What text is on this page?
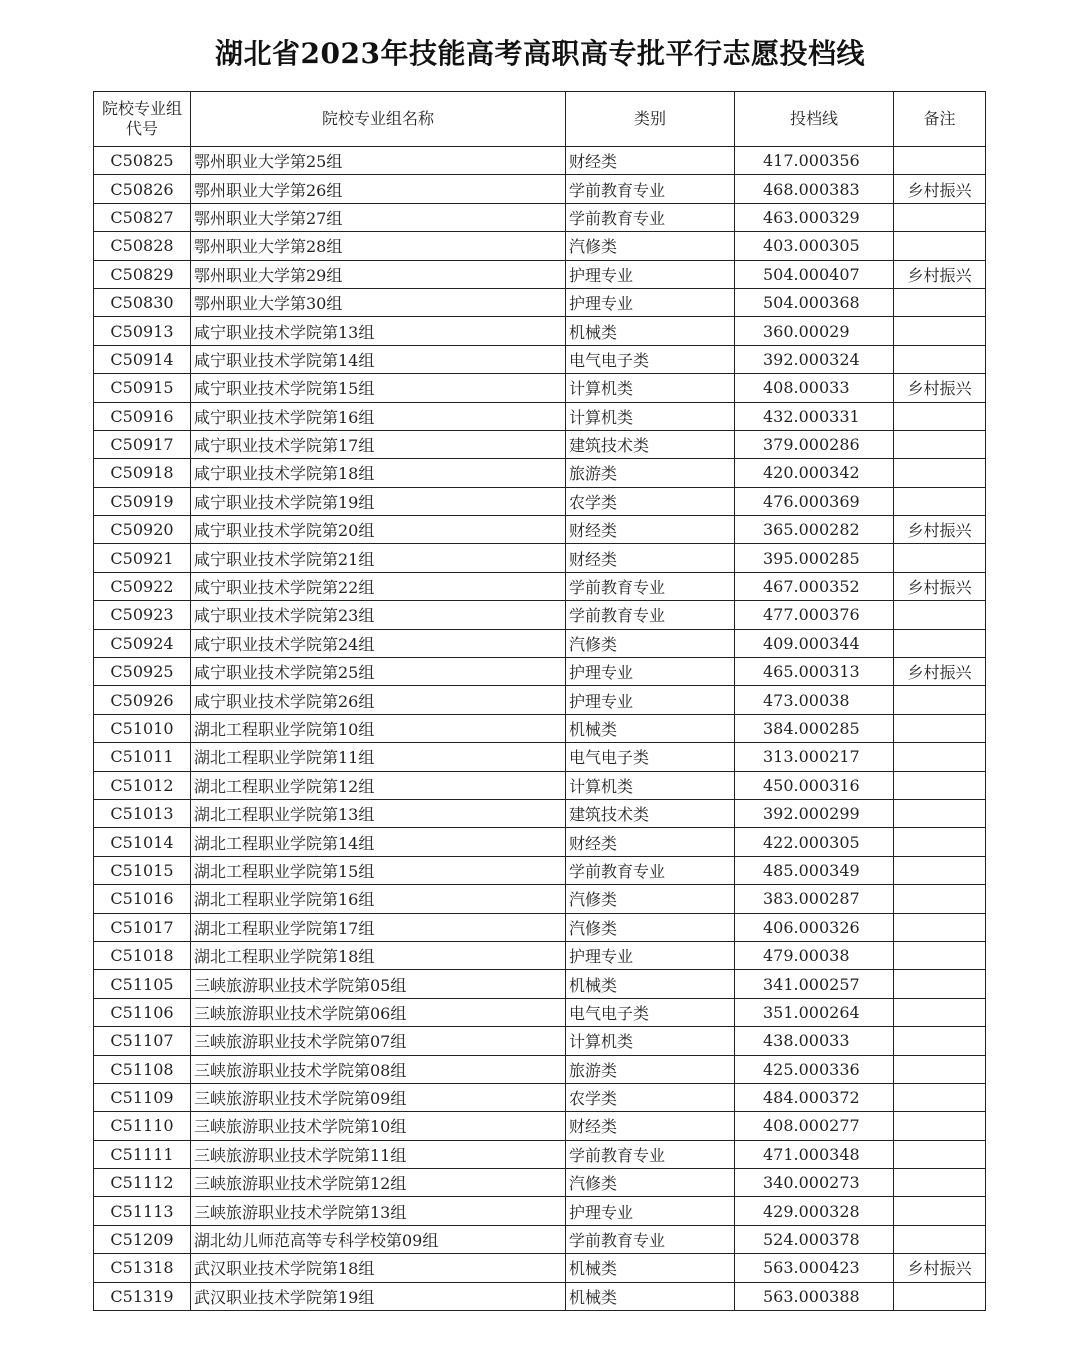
湖北省2023年技能高考高职高专批平行志愿投档线
院校专业组代号	院校专业组名称	类别	投档线	备注
C50825	鄂州职业大学第25组	财经类	417.000356	
C50826	鄂州职业大学第26组	学前教育专业	468.000383	乡村振兴
C50827	鄂州职业大学第27组	学前教育专业	463.000329	
C50828	鄂州职业大学第28组	汽修类	403.000305	
C50829	鄂州职业大学第29组	护理专业	504.000407	乡村振兴
C50830	鄂州职业大学第30组	护理专业	504.000368	
C50913	咸宁职业技术学院第13组	机械类	360.00029	
C50914	咸宁职业技术学院第14组	电气电子类	392.000324	
C50915	咸宁职业技术学院第15组	计算机类	408.00033	乡村振兴
C50916	咸宁职业技术学院第16组	计算机类	432.000331	
C50917	咸宁职业技术学院第17组	建筑技术类	379.000286	
C50918	咸宁职业技术学院第18组	旅游类	420.000342	
C50919	咸宁职业技术学院第19组	农学类	476.000369	
C50920	咸宁职业技术学院第20组	财经类	365.000282	乡村振兴
C50921	咸宁职业技术学院第21组	财经类	395.000285	
C50922	咸宁职业技术学院第22组	学前教育专业	467.000352	乡村振兴
C50923	咸宁职业技术学院第23组	学前教育专业	477.000376	
C50924	咸宁职业技术学院第24组	汽修类	409.000344	
C50925	咸宁职业技术学院第25组	护理专业	465.000313	乡村振兴
C50926	咸宁职业技术学院第26组	护理专业	473.00038	
C51010	湖北工程职业学院第10组	机械类	384.000285	
C51011	湖北工程职业学院第11组	电气电子类	313.000217	
C51012	湖北工程职业学院第12组	计算机类	450.000316	
C51013	湖北工程职业学院第13组	建筑技术类	392.000299	
C51014	湖北工程职业学院第14组	财经类	422.000305	
C51015	湖北工程职业学院第15组	学前教育专业	485.000349	
C51016	湖北工程职业学院第16组	汽修类	383.000287	
C51017	湖北工程职业学院第17组	汽修类	406.000326	
C51018	湖北工程职业学院第18组	护理专业	479.00038	
C51105	三峡旅游职业技术学院第05组	机械类	341.000257	
C51106	三峡旅游职业技术学院第06组	电气电子类	351.000264	
C51107	三峡旅游职业技术学院第07组	计算机类	438.00033	
C51108	三峡旅游职业技术学院第08组	旅游类	425.000336	
C51109	三峡旅游职业技术学院第09组	农学类	484.000372	
C51110	三峡旅游职业技术学院第10组	财经类	408.000277	
C51111	三峡旅游职业技术学院第11组	学前教育专业	471.000348	
C51112	三峡旅游职业技术学院第12组	汽修类	340.000273	
C51113	三峡旅游职业技术学院第13组	护理专业	429.000328	
C51209	湖北幼儿师范高等专科学校第09组	学前教育专业	524.000378	
C51318	武汉职业技术学院第18组	机械类	563.000423	乡村振兴
C51319	武汉职业技术学院第19组	机械类	563.000388	
